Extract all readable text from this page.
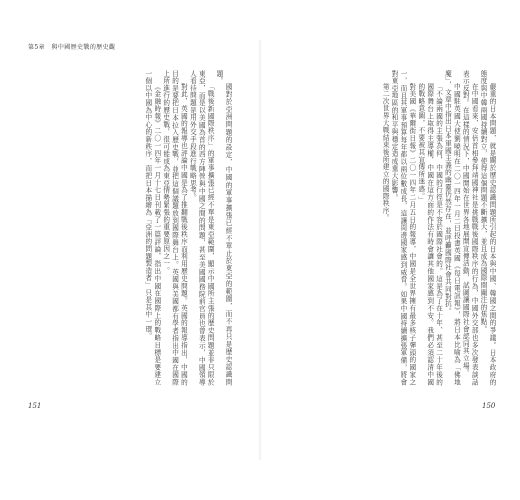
第5章　與中國歷史戰的歷史觀
國對於亞洲問題的設定，中國的軍事擴張已經不單止於東亞的範圍，而不再只是歷史認識問題。
「戰後新國際秩序」的軍事擴張已經不單是東亞範圍，顯示中國所主張的歷史問題並非只限於東亞，而是以美國為首的西方陣營與中國之間的問題，甚至美國國務院前官員也曾表示，中國領導人看待問題是用外交手段進行戰略思考。
對此，英國的報導也評論中國是為了推翻戰後秩序而利用歷史問題。英國的報導指出，中國的目的是要把日本拉入歷史戰，並把這個議題放到國際舞台上。英國與美國都有學者指出中國在國際上所進行的歷史戰，很可能成為東亞情勢緊張的重要原因之一。
《金融時報》二〇一四年一月十七日刊載了一篇評論，指出中國在國際上的戰略目標是要建立一個以中國為中心的新秩序，而把日本描繪為「亞洲的問題製造者」只是其中一環。
151
嚴重的日本問題，就是關於歷史認識問題所引起的日本與中國、韓國之間的爭議。日本政府的態度與中韓兩國持續對立，使得這個問題不斷擴大，並且成為國際間關注的焦點。
在中國看來，安倍首相參拜靖國神社是挑戰戰後國際秩序的行為，中國外交部也多次發表談話表示反對。在這樣的情況下，中國開始在世界各地展開宣傳活動，試圖讓國際社會認同其立場。
中國駐英國大使劉曉明在二〇一四年一月二日投書英國《每日電訊報》，將日本比喻為「佛地魔」，文章中指出日本軍國主義的幽靈仍然存在，並呼籲國際社會共同對抗。
「不論兩國的主張為何，中國的行徑是不容於國際社會的。這是為了在十年、甚至二十年後的國際舞台上取得主導權，中國在這方面的作法有時會讓其他國家感到不安。我們必須認清中國的戰略意圖，不要被其宣傳所迷惑。」
對美國《華爾街日報》二〇一四年二月五日的報導，中國是全世界擁有最多核子彈頭的國家之一，而且其軍事預算每年都以兩位數成長，這讓周邊國家感到威脅。如果中國持續擴張軍備，將會對東亞地區的和平與穩定造成重大影響。
第二次世界大戰結束後所建立的國際秩序。
150
